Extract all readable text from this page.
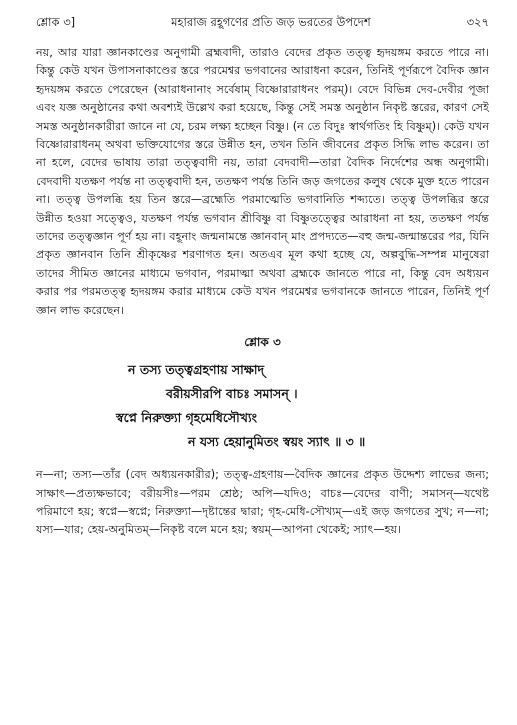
শ্লোক ৩]	মহারাজ রহূগণের প্রতি জড় ভরতের উপদেশ	৩২৭
নয়, আর যারা জ্ঞানকাণ্ডের অনুগামী ব্রহ্মবাদী, তারাও বেদের প্রকৃত তত্ত্ব হৃদয়ঙ্গম করতে পারে না। কিন্তু কেউ যখন উপাসনাকাণ্ডের স্তরে পরমেশ্বর ভগবানের আরাধনা করেন, তিনিই পূর্ণরূপে বৈদিক জ্ঞান হৃদয়ঙ্গম করতে পেরেছেন (আরাধনানাং সর্বেষাম্ বিষ্ণোরারাধনং পরম্)। বেদে বিভিন্ন দেব-দেবীর পূজা এবং যজ্ঞ অনুষ্ঠানের কথা অবশ্যই উল্লেখ করা হয়েছে, কিন্তু সেই সমস্ত অনুষ্ঠান নিকৃষ্ট স্তরের, কারণ সেই সমস্ত অনুষ্ঠানকারীরা জানে না যে, চরম লক্ষ্য হচ্ছেন বিষ্ণু। (ন তে বিদুঃ স্বার্থগতিং হি বিষ্ণুম্)। কেউ যখন বিষ্ণোরারাধনম্ অথবা ভক্তিযোগের স্তরে উন্নীত হন, তখন তিনি জীবনের প্রকৃত সিদ্ধি লাভ করেন। তা না হলে, বেদের ভাষায় তারা তত্ত্ববাদী নয়, তারা বেদবাদী—তারা বৈদিক নির্দেশের অন্ধ অনুগামী। বেদবাদী যতক্ষণ পর্যন্ত না তত্ত্ববাদী হন, ততক্ষণ পর্যন্ত তিনি জড় জগতের কলুষ থেকে মুক্ত হতে পারেন না। তত্ত্ব উপলব্ধি হয় তিন স্তরে—ব্রহ্মেতি পরমাত্মেতি ভগবানিতি শব্দ্যতে। তত্ত্ব উপলব্ধির স্তরে উন্নীত হওয়া সত্ত্বেও, যতক্ষণ পর্যন্ত ভগবান শ্রীবিষ্ণু বা বিষ্ণুতত্ত্বের আরাধনা না হয়, ততক্ষণ পর্যন্ত তাদের তত্ত্বজ্ঞান পূর্ণ হয় না। বহূনাং জন্মনামন্তে জ্ঞানবান্ মাং প্রপদ্যতে—বহু জন্ম-জন্মান্তরের পর, যিনি প্রকৃত জ্ঞানবান তিনি শ্রীকৃষ্ণের শরণাগত হন। অতএব মূল কথা হচ্ছে যে, অল্পবুদ্ধি-সম্পন্ন মানুষেরা তাদের সীমিত জ্ঞানের মাধ্যমে ভগবান, পরমাত্মা অথবা ব্রহ্মকে জানতে পারে না, কিন্তু বেদ অধ্যয়ন করার পর পরমতত্ত্ব হৃদয়ঙ্গম করার মাধ্যমে কেউ যখন পরমেশ্বর ভগবানকে জানতে পারেন, তিনিই পূর্ণ জ্ঞান লাভ করেছেন।
শ্লোক ৩
ন তস্য তত্ত্বগ্রহণায় সাক্ষাদ্
বরীয়সীরপি বাচঃ সমাসন্ ।
স্বপ্নে নিরুক্ত্যা গৃহমেধিসৌখ্যং
ন যস্য হেয়ানুমিতং স্বয়ং স্যাৎ ॥ ৩ ॥
ন—না; তস্য—তাঁর (বেদ অধ্যয়নকারীর); তত্ত্ব-গ্রহণায়—বৈদিক জ্ঞানের প্রকৃত উদ্দেশ্য লাভের জন্য; সাক্ষাৎ—প্রত্যক্ষভাবে; বরীয়সীঃ—পরম শ্রেষ্ঠ; অপি—যদিও; বাচঃ—বেদের বাণী; সমাসন্—যথেষ্ট পরিমাণে হয়; স্বপ্নে—স্বপ্নে; নিরুক্ত্যা—দৃষ্টান্তের দ্বারা; গৃহ-মেধি-সৌখ্যম্—এই জড় জগতের সুখ; ন—না; যস্য—যার; হেয়-অনুমিতম্—নিকৃষ্ট বলে মনে হয়; স্বয়ম্—আপনা থেকেই; স্যাৎ—হয়।
